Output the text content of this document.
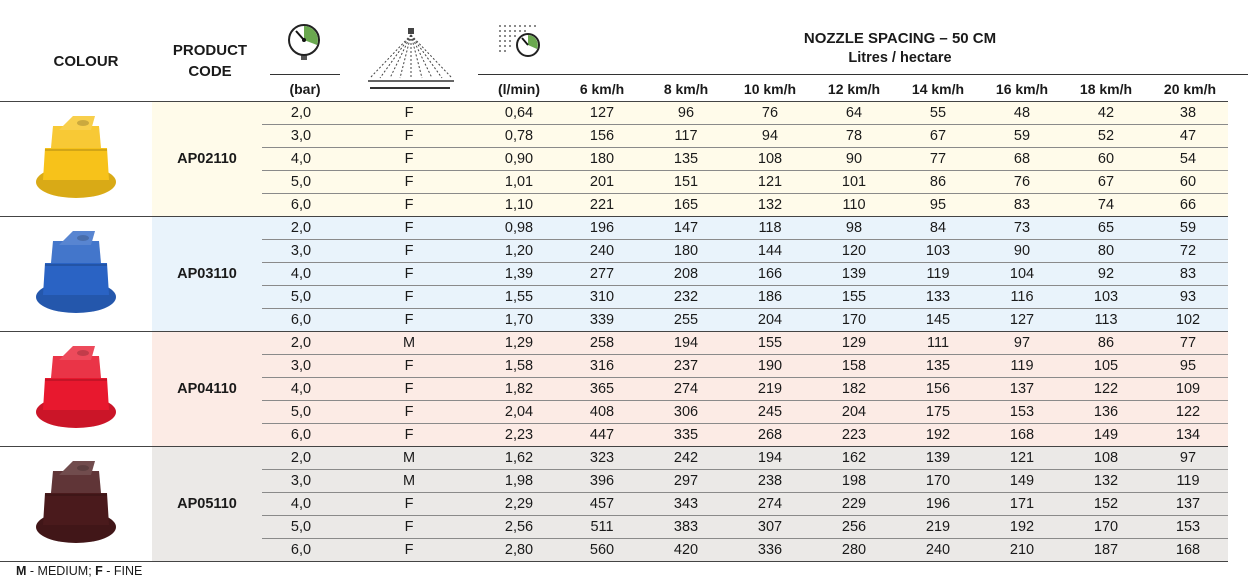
COLOUR
PRODUCT
CODE
NOZZLE SPACING – 50 CM
Litres / hectare
(bar)	(l/min)	6 km/h	8 km/h	10 km/h	12 km/h	14 km/h	16 km/h	18 km/h	20 km/h
	AP02110	2,0	F	0,64	127	96	76	64	55	48	42	38
		3,0	F	0,78	156	117	94	78	67	59	52	47
		4,0	F	0,90	180	135	108	90	77	68	60	54
		5,0	F	1,01	201	151	121	101	86	76	67	60
		6,0	F	1,10	221	165	132	110	95	83	74	66
	AP03110	2,0	F	0,98	196	147	118	98	84	73	65	59
		3,0	F	1,20	240	180	144	120	103	90	80	72
		4,0	F	1,39	277	208	166	139	119	104	92	83
		5,0	F	1,55	310	232	186	155	133	116	103	93
		6,0	F	1,70	339	255	204	170	145	127	113	102
	AP04110	2,0	M	1,29	258	194	155	129	111	97	86	77
		3,0	F	1,58	316	237	190	158	135	119	105	95
		4,0	F	1,82	365	274	219	182	156	137	122	109
		5,0	F	2,04	408	306	245	204	175	153	136	122
		6,0	F	2,23	447	335	268	223	192	168	149	134
	AP05110	2,0	M	1,62	323	242	194	162	139	121	108	97
		3,0	M	1,98	396	297	238	198	170	149	132	119
		4,0	F	2,29	457	343	274	229	196	171	152	137
		5,0	F	2,56	511	383	307	256	219	192	170	153
		6,0	F	2,80	560	420	336	280	240	210	187	168
M - MEDIUM; F - FINE
